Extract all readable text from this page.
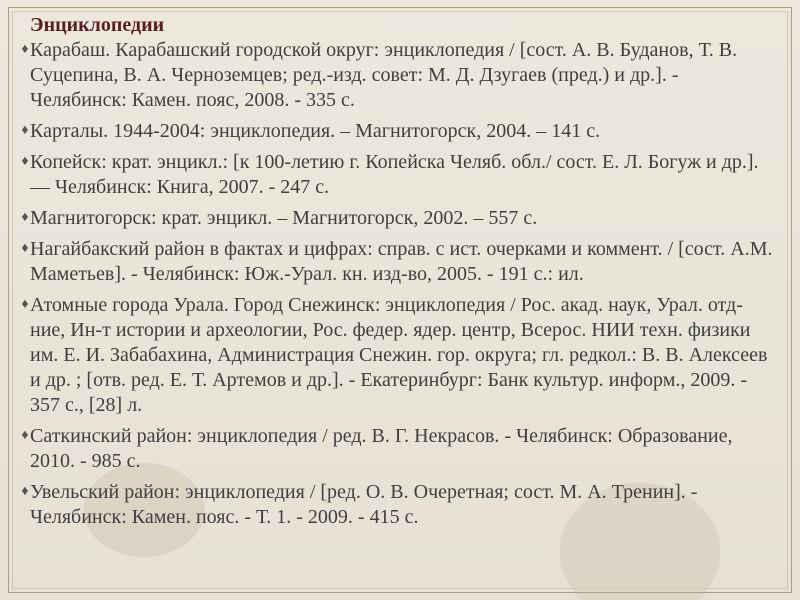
Энциклопедии
♦ Карабаш. Карабашский городской округ: энциклопедия / [сост. А. В. Буданов, Т. В. Суцепина, В. А. Черноземцев; ред.-изд. совет: М. Д. Дзугаев (пред.) и др.]. - Челябинск: Камен. пояс, 2008. - 335 с.
♦ Карталы. 1944-2004: энциклопедия. – Магнитогорск, 2004. – 141 с.
♦ Копейск: крат. энцикл.: [к 100-летию г. Копейска Челяб. обл./ сост. Е. Л. Богуж и др.]. — Челябинск: Книга, 2007. - 247 с.
♦ Магнитогорск: крат. энцикл. – Магнитогорск, 2002. – 557 с.
♦ Нагайбакский район в фактах и цифрах: справ. с ист. очерками и коммент. / [сост. А.М. Маметьев]. - Челябинск: Юж.-Урал. кн. изд-во, 2005. - 191 с.: ил.
♦ Атомные города Урала. Город Снежинск: энциклопедия / Рос. акад. наук, Урал. отд-ние, Ин-т истории и археологии, Рос. федер. ядер. центр, Всерос. НИИ техн. физики им. Е. И. Забабахина, Администрация Снежин. гор. округа; гл. редкол.: В. В. Алексеев и др. ; [отв. ред. Е. Т. Артемов и др.]. - Екатеринбург: Банк культур. информ., 2009. - 357 с., [28] л.
♦ Саткинский район: энциклопедия / ред. В. Г. Некрасов. - Челябинск: Образование, 2010. - 985 с.
♦ Увельский район: энциклопедия / [ред. О. В. Очеретная; сост. М. А. Тренин]. - Челябинск: Камен. пояс. - Т. 1. - 2009. - 415 с.
